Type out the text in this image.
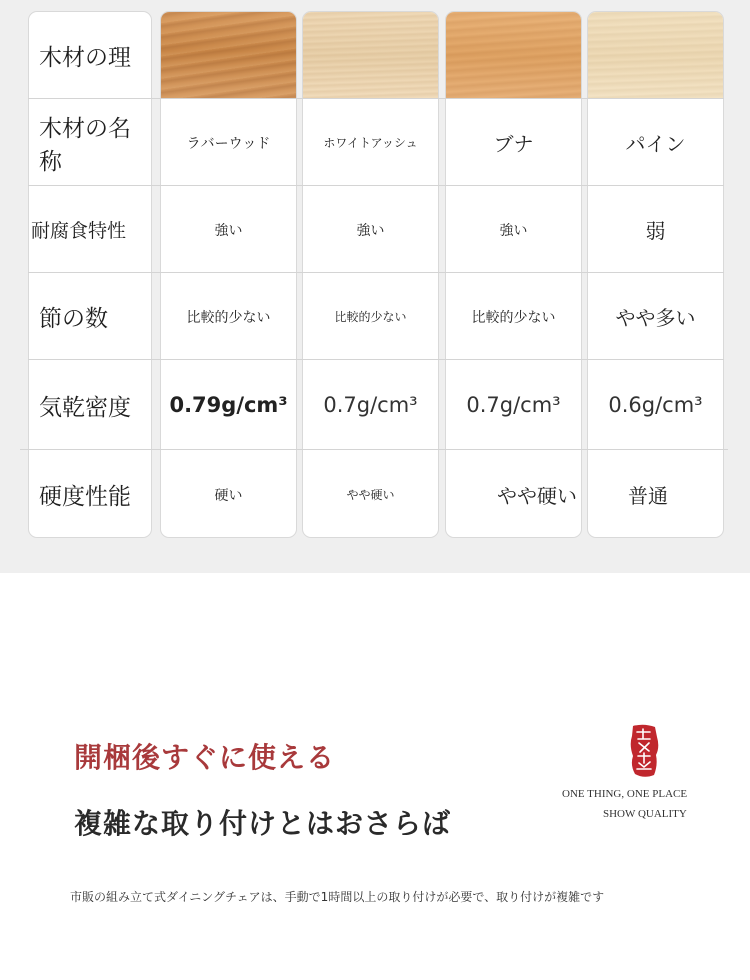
木材の理
木材の名称
耐腐食特性
節の数
気乾密度
硬度性能
ラバーウッド
強い
比較的少ない
0.79g/cm³
硬い
ホワイトアッシュ
強い
比較的少ない
0.7g/cm³
やや硬い
ブナ
強い
比較的少ない
0.7g/cm³
やや硬い
パイン
弱
やや多い
0.6g/cm³
普通
開梱後すぐに使える
複雑な取り付けとはおさらば
市販の組み立て式ダイニングチェアは、手動で1時間以上の取り付けが必要で、取り付けが複雑です
ONE THING, ONE PLACE
SHOW QUALITY
